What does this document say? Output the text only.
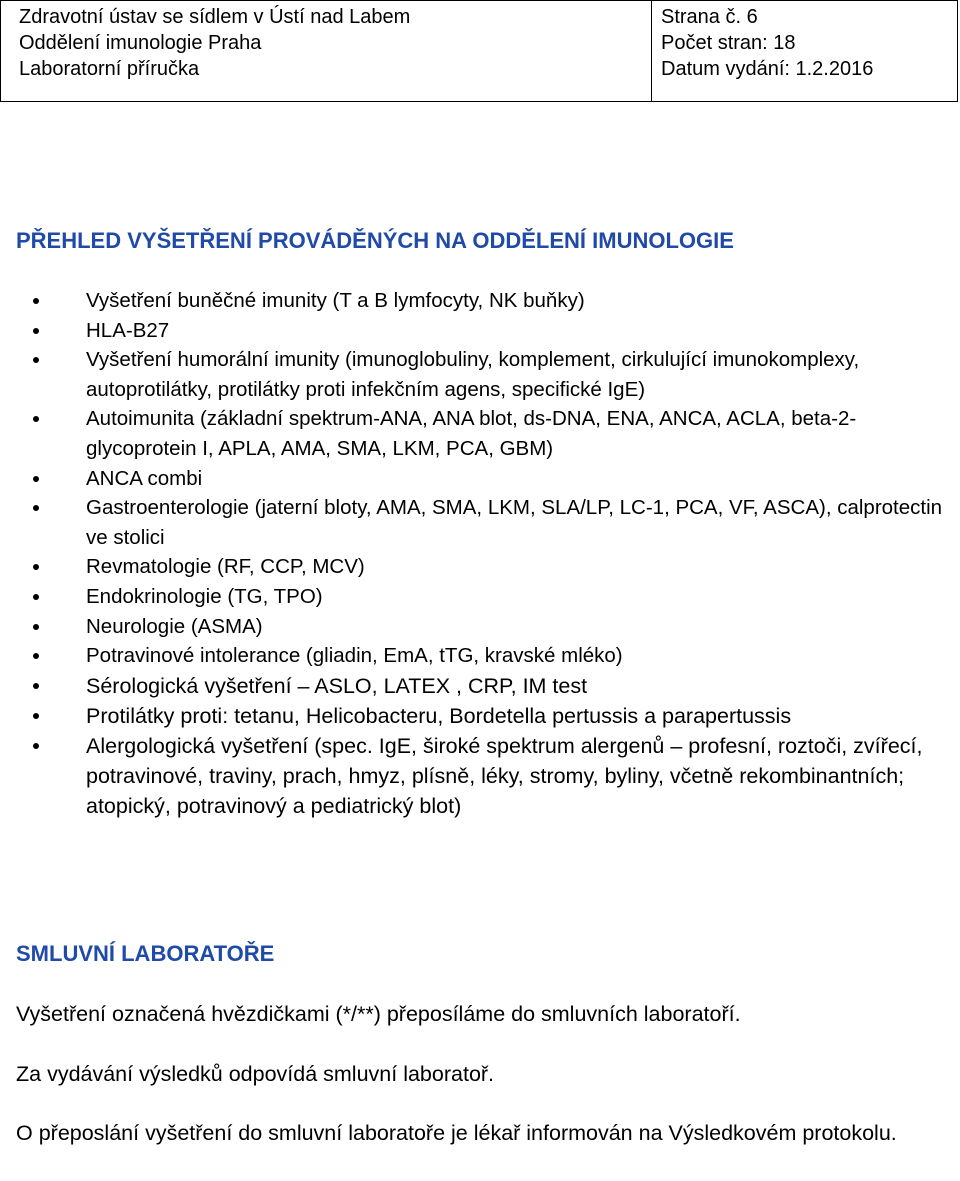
Zdravotní ústav se sídlem v Ústí nad Labem
Oddělení imunologie Praha
Laboratorní příručka
Strana č. 6
Počet stran: 18
Datum vydání: 1.2.2016
PŘEHLED VYŠETŘENÍ PROVÁDĚNÝCH NA ODDĚLENÍ IMUNOLOGIE
Vyšetření buněčné imunity (T a B lymfocyty, NK buňky)
HLA-B27
Vyšetření humorální imunity (imunoglobuliny, komplement, cirkulující imunokomplexy, autoprotilátky, protilátky proti infekčním agens, specifické IgE)
Autoimunita (základní spektrum-ANA, ANA blot, ds-DNA, ENA, ANCA, ACLA, beta-2-glycoprotein I, APLA, AMA, SMA, LKM, PCA, GBM)
ANCA combi
Gastroenterologie (jaterní bloty, AMA, SMA, LKM, SLA/LP, LC-1, PCA, VF, ASCA), calprotectin ve stolici
Revmatologie (RF, CCP, MCV)
Endokrinologie (TG, TPO)
Neurologie (ASMA)
Potravinové intolerance (gliadin, EmA, tTG, kravské mléko)
Sérologická vyšetření – ASLO, LATEX , CRP, IM test
Protilátky proti: tetanu, Helicobacteru, Bordetella pertussis a parapertussis
Alergologická vyšetření (spec. IgE, široké spektrum alergenů – profesní, roztoči, zvířecí, potravinové, traviny, prach, hmyz, plísně, léky, stromy, byliny, včetně rekombinantních; atopický, potravinový a pediatrický blot)
SMLUVNÍ LABORATOŘE
Vyšetření označená hvězdičkami (*/**) přeposíláme do smluvních laboratoří.
Za vydávání výsledků odpovídá smluvní laboratoř.
O přeposlání vyšetření do smluvní laboratoře je lékař informován na Výsledkovém protokolu.
